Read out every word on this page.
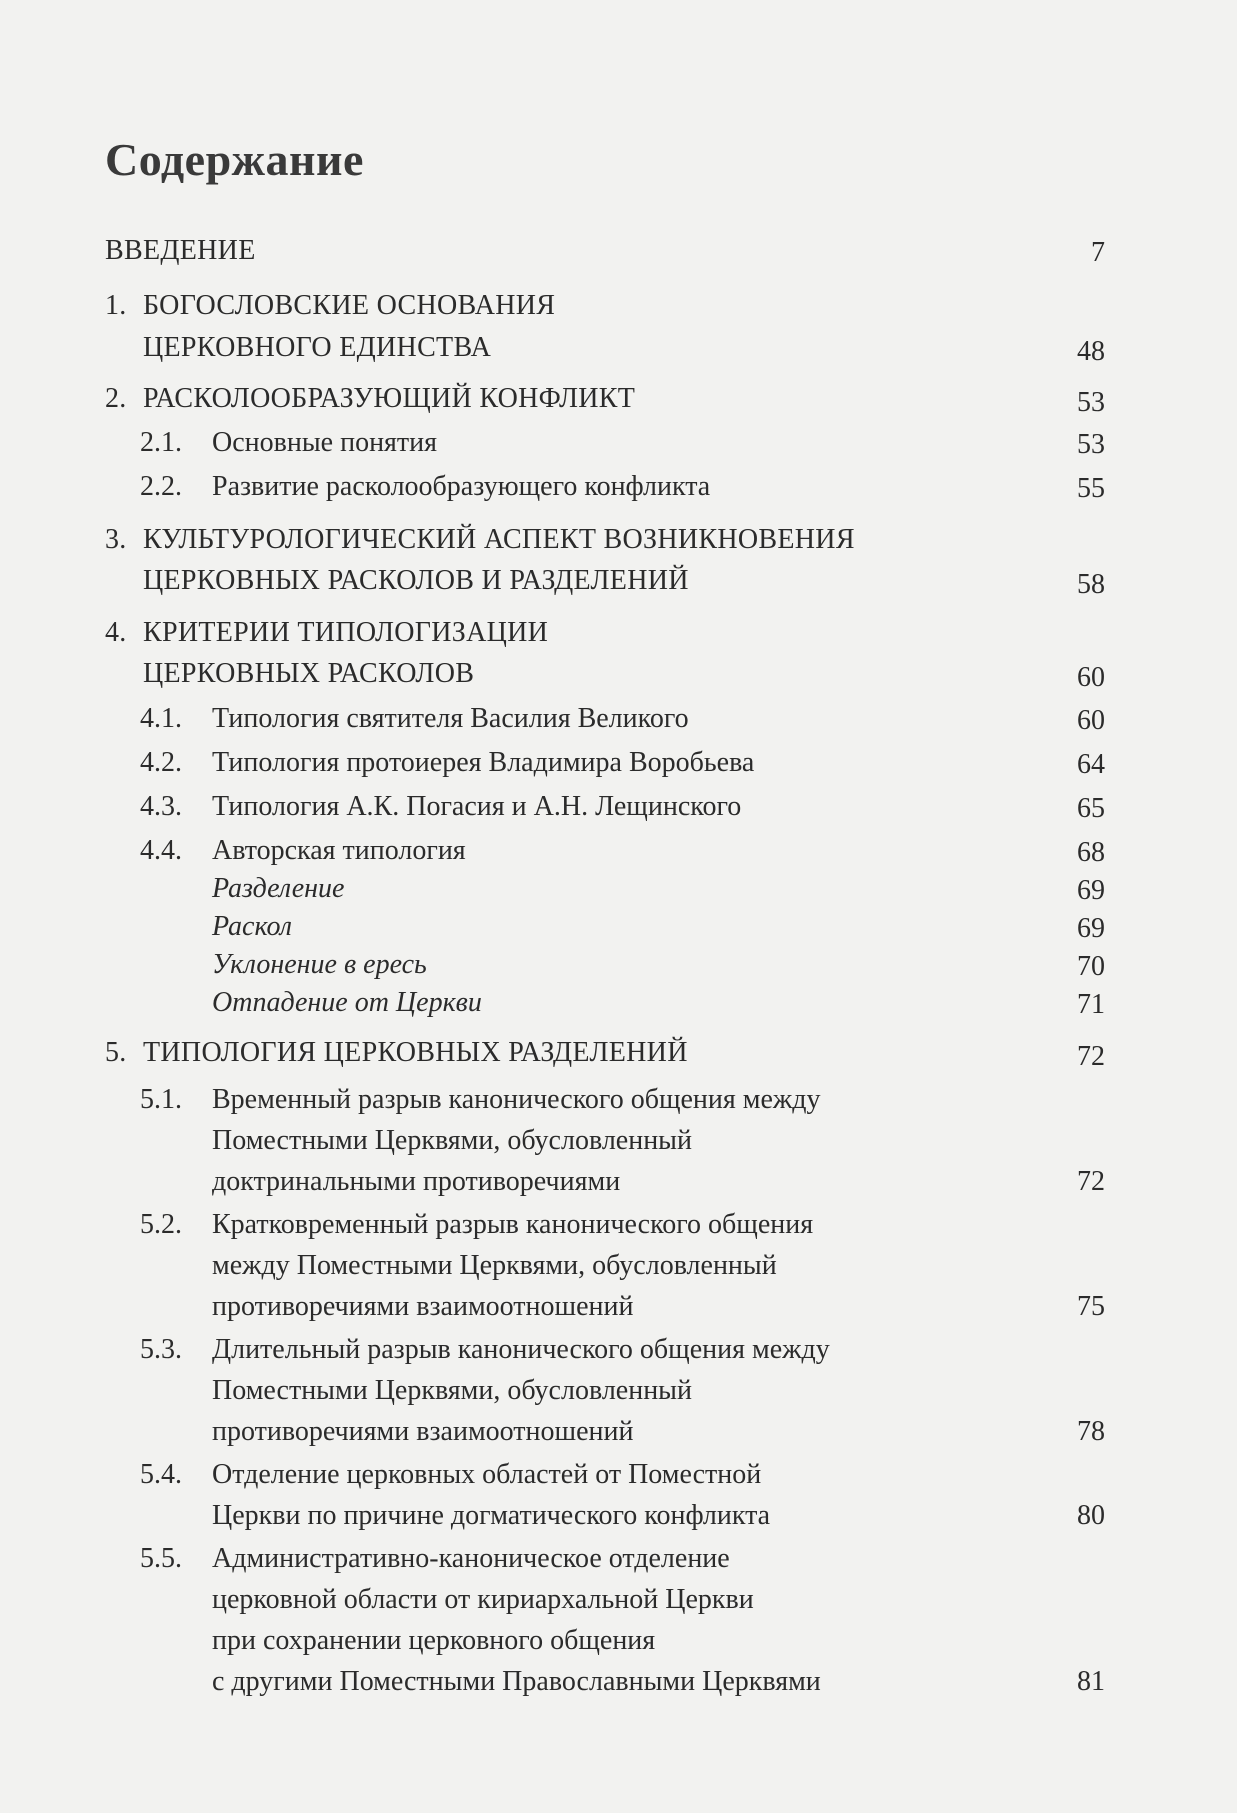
Содержание
ВВЕДЕНИЕ	7
1. БОГОСЛОВСКИЕ ОСНОВАНИЯ
ЦЕРКОВНОГО ЕДИНСТВА	48
2. РАСКОЛООБРАЗУЮЩИЙ КОНФЛИКТ	53
2.1. Основные понятия	53
2.2. Развитие расколообразующего конфликта	55
3. КУЛЬТУРОЛОГИЧЕСКИЙ АСПЕКТ ВОЗНИКНОВЕНИЯ
ЦЕРКОВНЫХ РАСКОЛОВ И РАЗДЕЛЕНИЙ	58
4. КРИТЕРИИ ТИПОЛОГИЗАЦИИ
ЦЕРКОВНЫХ РАСКОЛОВ	60
4.1. Типология святителя Василия Великого	60
4.2. Типология протоиерея Владимира Воробьева	64
4.3. Типология А.К. Погасия и А.Н. Лещинского	65
4.4. Авторская типология	68
Разделение	69
Раскол	69
Уклонение в ересь	70
Отпадение от Церкви	71
5. ТИПОЛОГИЯ ЦЕРКОВНЫХ РАЗДЕЛЕНИЙ	72
5.1. Временный разрыв канонического общения между
Поместными Церквями, обусловленный
доктринальными противоречиями	72
5.2. Кратковременный разрыв канонического общения
между Поместными Церквями, обусловленный
противоречиями взаимоотношений	75
5.3. Длительный разрыв канонического общения между
Поместными Церквями, обусловленный
противоречиями взаимоотношений	78
5.4. Отделение церковных областей от Поместной
Церкви по причине догматического конфликта	80
5.5. Административно-каноническое отделение
церковной области от кириархальной Церкви
при сохранении церковного общения
с другими Поместными Православными Церквями	81
